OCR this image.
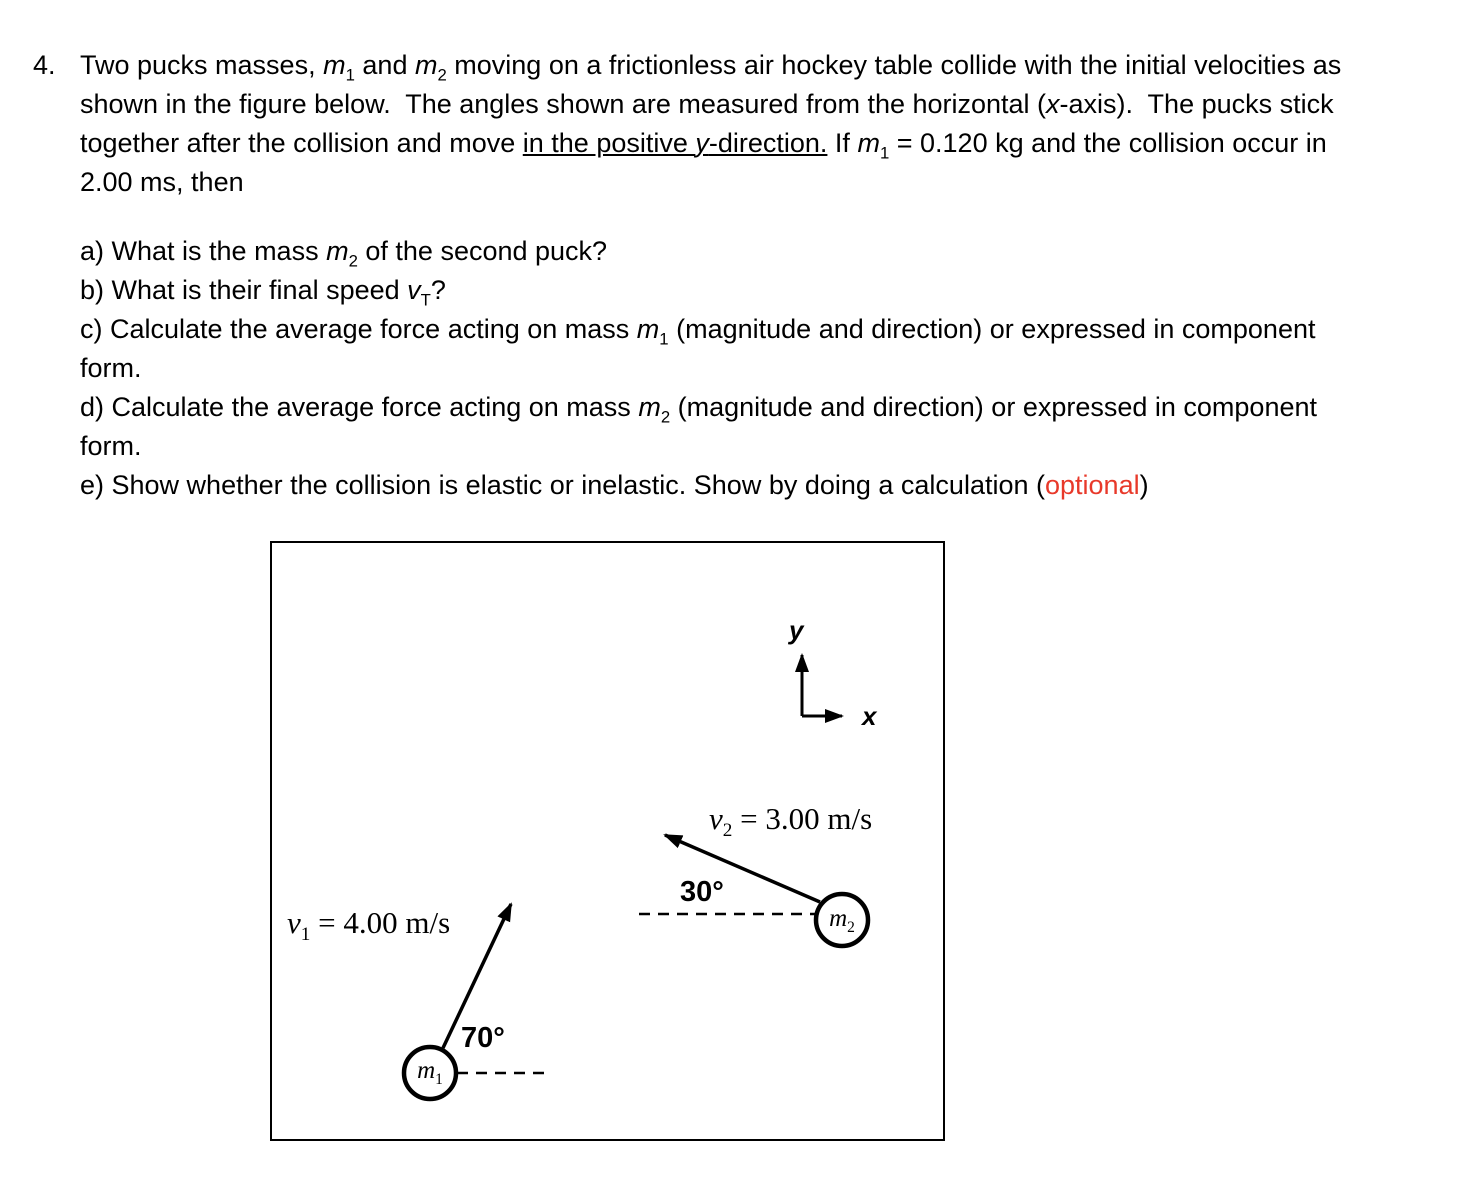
4. Two pucks masses, $m_1$ and $m_2$ moving on a frictionless air hockey table collide with the initial velocities as shown in the figure below.  The angles shown are measured from the horizontal (x-axis).  The pucks stick together after the collision and move in the positive y-direction. If $m_1 = 0.120$ kg and the collision occur in 2.00 ms, then

a) What is the mass $m_2$ of the second puck?

b) What is their final speed $v_T$?

c) Calculate the average force acting on mass $m_1$ (magnitude and direction) or expressed in component form.

d) Calculate the average force acting on mass $m_2$ (magnitude and direction) or expressed in component form.

e) Show whether the collision is elastic or inelastic. Show by doing a calculation (optional)

y
x
$v_2 = 3.00$ m/s
30°
$m_2$
$v_1 = 4.00$ m/s
70°
$m_1$
